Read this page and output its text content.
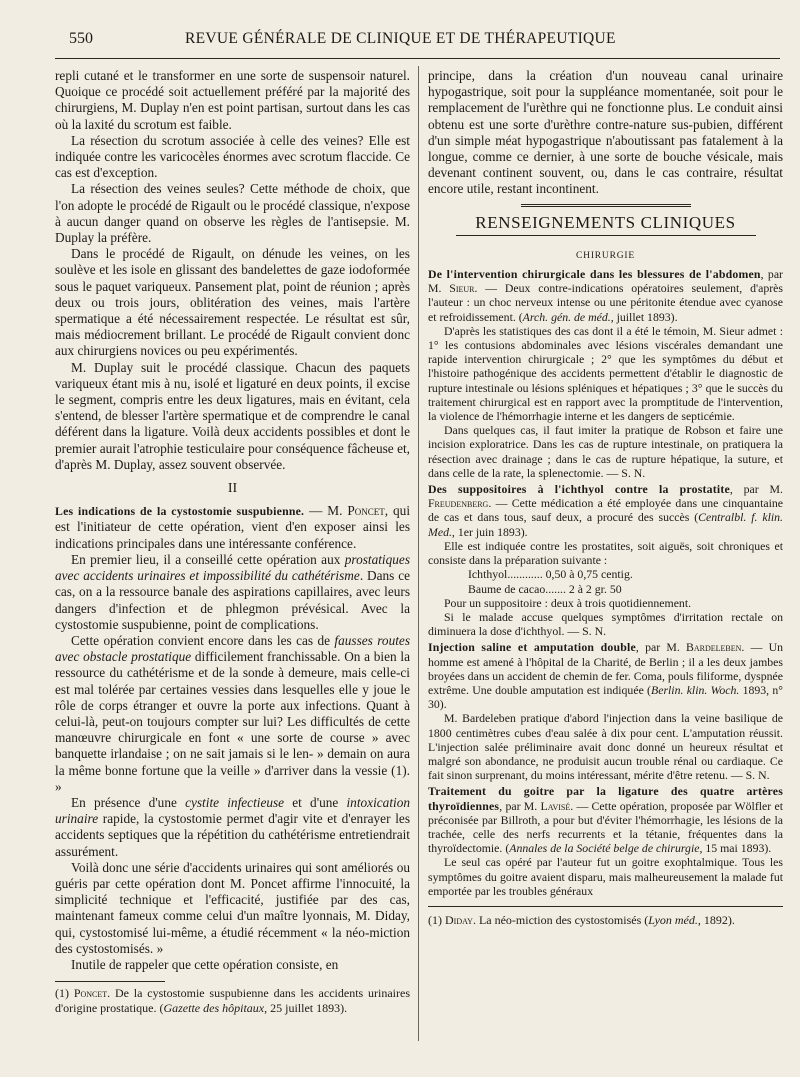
550	REVUE GÉNÉRALE DE CLINIQUE ET DE THÉRAPEUTIQUE

repli cutané et le transformer en une sorte de suspensoir naturel. Quoique ce procédé soit actuellement préféré par la majorité des chirurgiens, M. Duplay n'en est point partisan, surtout dans les cas où la laxité du scrotum est faible.

La résection du scrotum associée à celle des veines? Elle est indiquée contre les varicocèles énormes avec scrotum flaccide. Ce cas est d'exception.

La résection des veines seules? Cette méthode de choix, que l'on adopte le procédé de Rigault ou le procédé classique, n'expose à aucun danger quand on observe les règles de l'antisepsie. M. Duplay la préfère.

Dans le procédé de Rigault, on dénude les veines, on les soulève et les isole en glissant des bandelettes de gaze iodoformée sous le paquet variqueux. Pansement plat, point de réunion ; après deux ou trois jours, oblitération des veines, mais l'artère spermatique a été nécessairement respectée. Le résultat est sûr, mais médiocrement brillant. Le procédé de Rigault convient donc aux chirurgiens novices ou peu expérimentés.

M. Duplay suit le procédé classique. Chacun des paquets variqueux étant mis à nu, isolé et ligaturé en deux points, il excise le segment, compris entre les deux ligatures, mais en évitant, cela s'entend, de blesser l'artère spermatique et de comprendre le canal déférent dans la ligature. Voilà deux accidents possibles et dont le premier aurait l'atrophie testiculaire pour conséquence fâcheuse et, d'après M. Duplay, assez souvent observée.

II

Les indications de la cystostomie suspubienne. — M. Poncet, qui est l'initiateur de cette opération, vient d'en exposer ainsi les indications principales dans une intéressante conférence.

En premier lieu, il a conseillé cette opération aux prostatiques avec accidents urinaires et impossibilité du cathétérisme. Dans ce cas, on a la ressource banale des aspirations capillaires, avec leurs dangers d'infection et de phlegmon prévésical. Avec la cystostomie suspubienne, point de complications.

Cette opération convient encore dans les cas de fausses routes avec obstacle prostatique difficilement franchissable. On a bien la ressource du cathétérisme et de la sonde à demeure, mais celle-ci est mal tolérée par certaines vessies dans lesquelles elle y joue le rôle de corps étranger et ouvre la porte aux infections. Quant à celui-là, peut-on toujours compter sur lui? Les difficultés de cette manœuvre chirurgicale en font « une sorte de course » avec banquette irlandaise ; on ne sait jamais si le len- » demain on aura la même bonne fortune que la veille » d'arriver dans la vessie (1). »

En présence d'une cystite infectieuse et d'une intoxication urinaire rapide, la cystostomie permet d'agir vite et d'enrayer les accidents septiques que la répétition du cathétérisme entretiendrait assurément.

Voilà donc une série d'accidents urinaires qui sont améliorés ou guéris par cette opération dont M. Poncet affirme l'innocuité, la simplicité technique et l'efficacité, justifiée par des cas, maintenant fameux comme celui d'un maître lyonnais, M. Diday, qui, cystostomisé lui-même, a étudié récemment « la néo-miction des cystostomisés. »

Inutile de rappeler que cette opération consiste, en

(1) Poncet. De la cystostomie suspubienne dans les accidents urinaires d'origine prostatique. (Gazette des hôpitaux, 25 juillet 1893).

principe, dans la création d'un nouveau canal urinaire hypogastrique, soit pour la suppléance momentanée, soit pour le remplacement de l'urèthre qui ne fonctionne plus. Le conduit ainsi obtenu est une sorte d'urèthre contre-nature sus-pubien, différent d'un simple méat hypogastrique n'aboutissant pas fatalement à la longue, comme ce dernier, à une sorte de bouche vésicale, mais devenant continent souvent, ou, dans le cas contraire, résultat encore utile, restant incontinent.

RENSEIGNEMENTS CLINIQUES
CHIRURGIE

De l'intervention chirurgicale dans les blessures de l'abdomen, par M. Sieur. — Deux contre-indications opératoires seulement, d'après l'auteur : un choc nerveux intense ou une péritonite étendue avec cyanose et refroidissement. (Arch. gén. de méd., juillet 1893).

D'après les statistiques des cas dont il a été le témoin, M. Sieur admet : 1° les contusions abdominales avec lésions viscérales demandant une rapide intervention chirurgicale ; 2° que les symptômes du début et l'histoire pathogénique des accidents permettent d'établir le diagnostic de rupture intestinale ou lésions spléniques et hépatiques ; 3° que le succès du traitement chirurgical est en rapport avec la promptitude de l'intervention, la violence de l'hémorrhagie interne et les dangers de septicémie.

Dans quelques cas, il faut imiter la pratique de Robson et faire une incision exploratrice. Dans les cas de rupture intestinale, on pratiquera la résection avec drainage ; dans le cas de rupture hépatique, la suture, et dans celle de la rate, la splenectomie. — S. N.

Des suppositoires à l'ichthyol contre la prostatite, par M. Freudenberg. — Cette médication a été employée dans une cinquantaine de cas et dans tous, sauf deux, a procuré des succès (Centralbl. f. klin. Med., 1er juin 1893).

Elle est indiquée contre les prostatites, soit aiguës, soit chroniques et consiste dans la préparation suivante :

Ichthyol............ 0,50 à 0,75 centig.
Baume de cacao....... 2 à 2 gr. 50

Pour un suppositoire : deux à trois quotidiennement.

Si le malade accuse quelques symptômes d'irritation rectale on diminuera la dose d'ichthyol. — S. N.

Injection saline et amputation double, par M. Bardeleben. — Un homme est amené à l'hôpital de la Charité, de Berlin ; il a les deux jambes broyées dans un accident de chemin de fer. Coma, pouls filiforme, dyspnée extrême. Une double amputation est indiquée (Berlin. klin. Woch. 1893, n° 30).

M. Bardeleben pratique d'abord l'injection dans la veine basilique de 1800 centimètres cubes d'eau salée à dix pour cent. L'amputation réussit. L'injection salée préliminaire avait donc donné un heureux résultat et malgré son abondance, ne produisit aucun trouble rénal ou cardiaque. Ce fait sinon surprenant, du moins intéressant, mérite d'être retenu. — S. N.

Traitement du goitre par la ligature des quatre artères thyroïdiennes, par M. Lavisé. — Cette opération, proposée par Wölfler et préconisée par Billroth, a pour but d'éviter l'hémorrhagie, les lésions de la trachée, celle des nerfs recurrents et la tétanie, fréquentes dans la thyroïdectomie. (Annales de la Société belge de chirurgie, 15 mai 1893).

Le seul cas opéré par l'auteur fut un goitre exophtalmique. Tous les symptômes du goitre avaient disparu, mais malheureusement la malade fut emportée par les troubles généraux

(1) Diday. La néo-miction des cystostomisés (Lyon méd., 1892).
